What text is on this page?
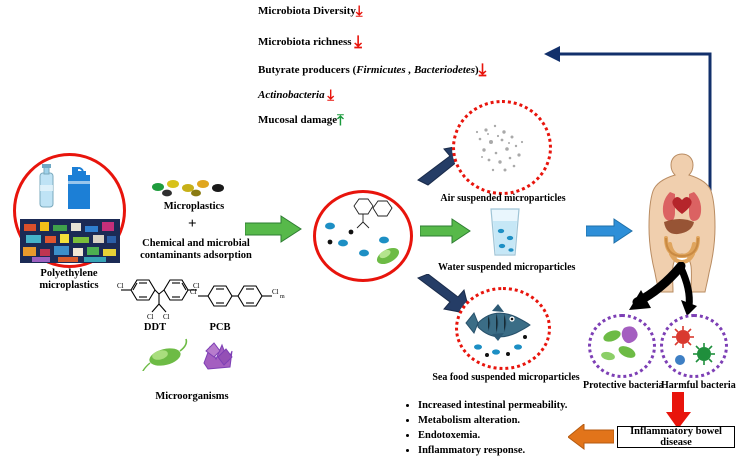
Microbiota Diversity⤓
Microbiota richness ⤓
Butyrate producers (Firmicutes , Bacteriodetes)⤓
Actinobacteria ⤓
Mucosal damage⤒
Polyethylene
microplastics
Microplastics
+
Chemical and microbial
contaminants adsorption
Cl
Cl Cl
Cl
DDT
Cl	Cl
m
PCB
Microorganisms
Air suspended microparticles
Water suspended microparticles
Sea food suspended microparticles
Protective bacteria
Harmful bacteria
Inflammatory bowel disease
• Increased intestinal permeability.
• Metabolism alteration.
• Endotoxemia.
• Inflammatory response.
